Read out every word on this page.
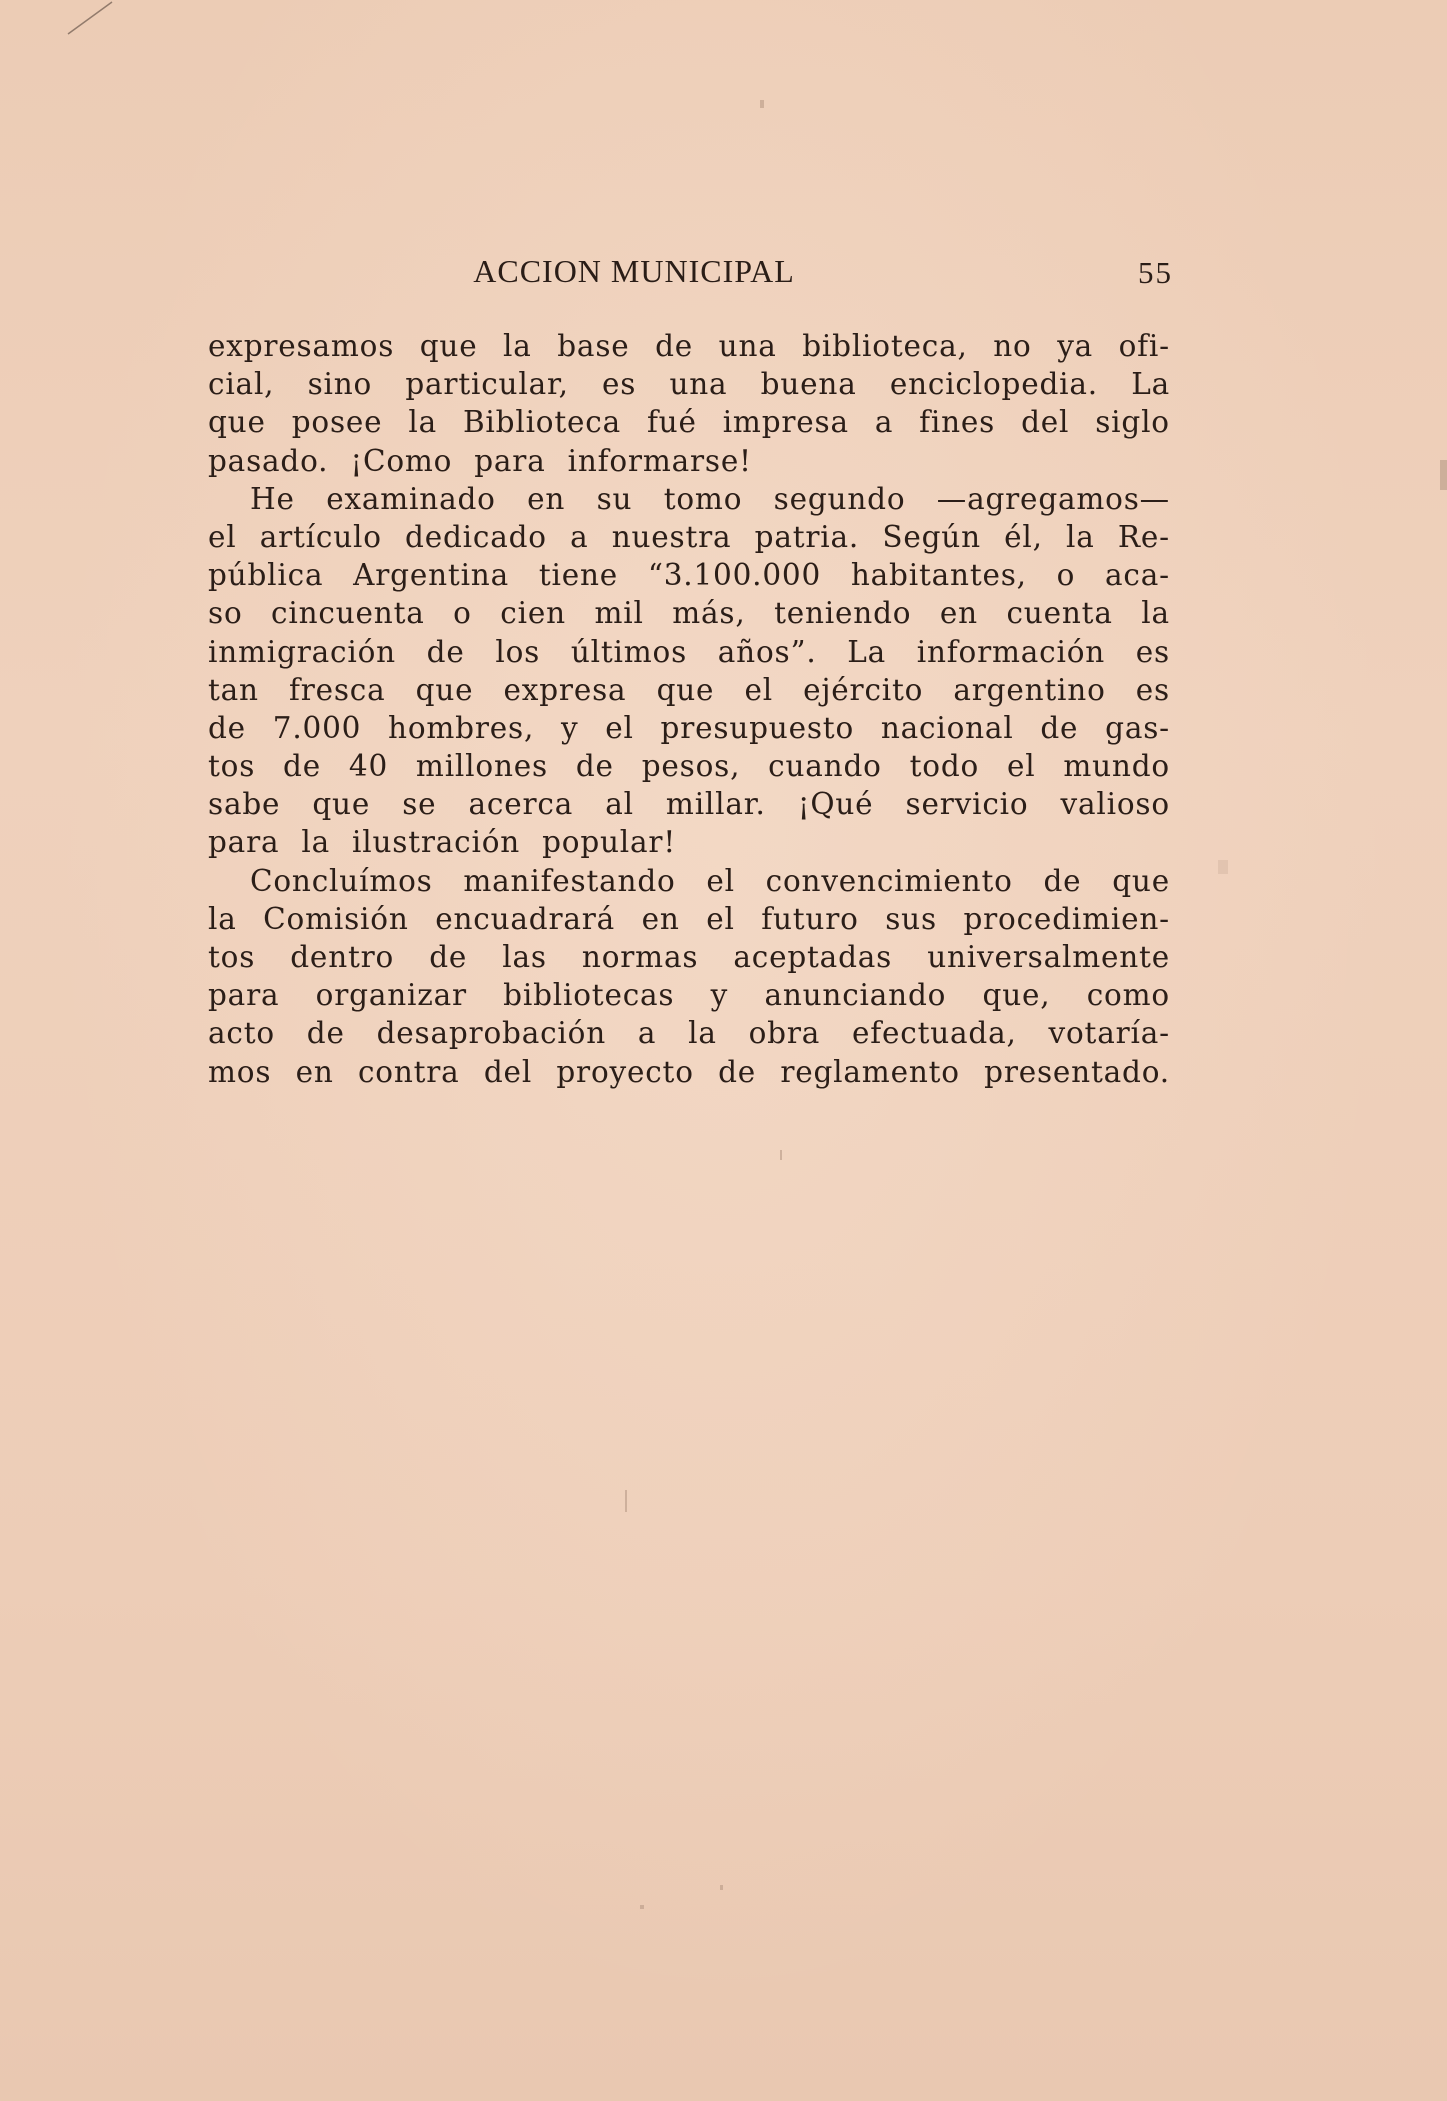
ACCION MUNICIPAL	55
expresamos que la base de una biblioteca, no ya ofi-
cial, sino particular, es una buena enciclopedia. La
que posee la Biblioteca fué impresa a fines del siglo
pasado. ¡Como para informarse!
He examinado en su tomo segundo —agregamos—
el artículo dedicado a nuestra patria. Según él, la Re-
pública Argentina tiene “3.100.000 habitantes, o aca-
so cincuenta o cien mil más, teniendo en cuenta la
inmigración de los últimos años”. La información es
tan fresca que expresa que el ejército argentino es
de 7.000 hombres, y el presupuesto nacional de gas-
tos de 40 millones de pesos, cuando todo el mundo
sabe que se acerca al millar. ¡Qué servicio valioso
para la ilustración popular!
Concluímos manifestando el convencimiento de que
la Comisión encuadrará en el futuro sus procedimien-
tos dentro de las normas aceptadas universalmente
para organizar bibliotecas y anunciando que, como
acto de desaprobación a la obra efectuada, votaría-
mos en contra del proyecto de reglamento presentado.
